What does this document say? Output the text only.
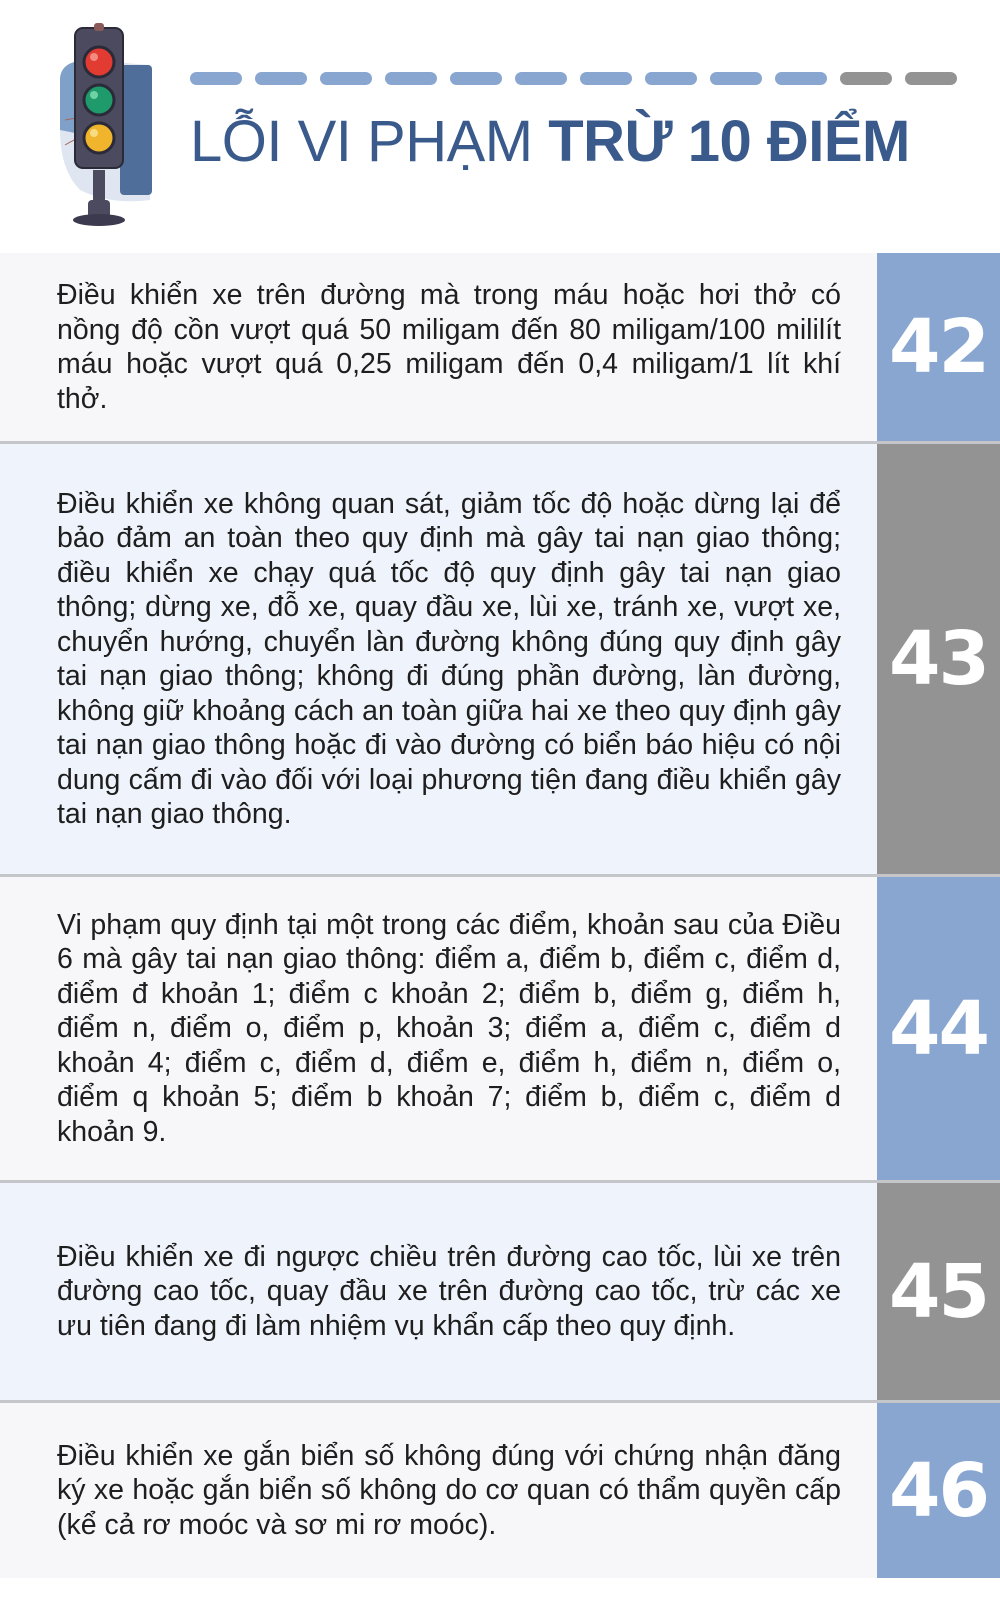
LỖI VI PHẠM TRỪ 10 ĐIỂM
Điều khiển xe trên đường mà trong máu hoặc hơi thở có nồng độ cồn vượt quá 50 miligam đến 80 miligam/100 mililít máu hoặc vượt quá 0,25 miligam đến 0,4 miligam/1 lít khí thở.
42
Điều khiển xe không quan sát, giảm tốc độ hoặc dừng lại để bảo đảm an toàn theo quy định mà gây tai nạn giao thông; điều khiển xe chạy quá tốc độ quy định gây tai nạn giao thông; dừng xe, đỗ xe, quay đầu xe, lùi xe, tránh xe, vượt xe, chuyển hướng, chuyển làn đường không đúng quy định gây tai nạn giao thông; không đi đúng phần đường, làn đường, không giữ khoảng cách an toàn giữa hai xe theo quy định gây tai nạn giao thông hoặc đi vào đường có biển báo hiệu có nội dung cấm đi vào đối với loại phương tiện đang điều khiển gây tai nạn giao thông.
43
Vi phạm quy định tại một trong các điểm, khoản sau của Điều 6 mà gây tai nạn giao thông: điểm a, điểm b, điểm c, điểm d, điểm đ khoản 1; điểm c khoản 2; điểm b, điểm g, điểm h, điểm n, điểm o, điểm p, khoản 3; điểm a, điểm c, điểm d khoản 4; điểm c, điểm d, điểm e, điểm h, điểm n, điểm o, điểm q khoản 5; điểm b khoản 7; điểm b, điểm c, điểm d khoản 9.
44
Điều khiển xe đi ngược chiều trên đường cao tốc, lùi xe trên đường cao tốc, quay đầu xe trên đường cao tốc, trừ các xe ưu tiên đang đi làm nhiệm vụ khẩn cấp theo quy định.	45
Điều khiển xe gắn biển số không đúng với chứng nhận đăng ký xe hoặc gắn biển số không do cơ quan có thẩm quyền cấp (kể cả rơ moóc và sơ mi rơ moóc).	46
